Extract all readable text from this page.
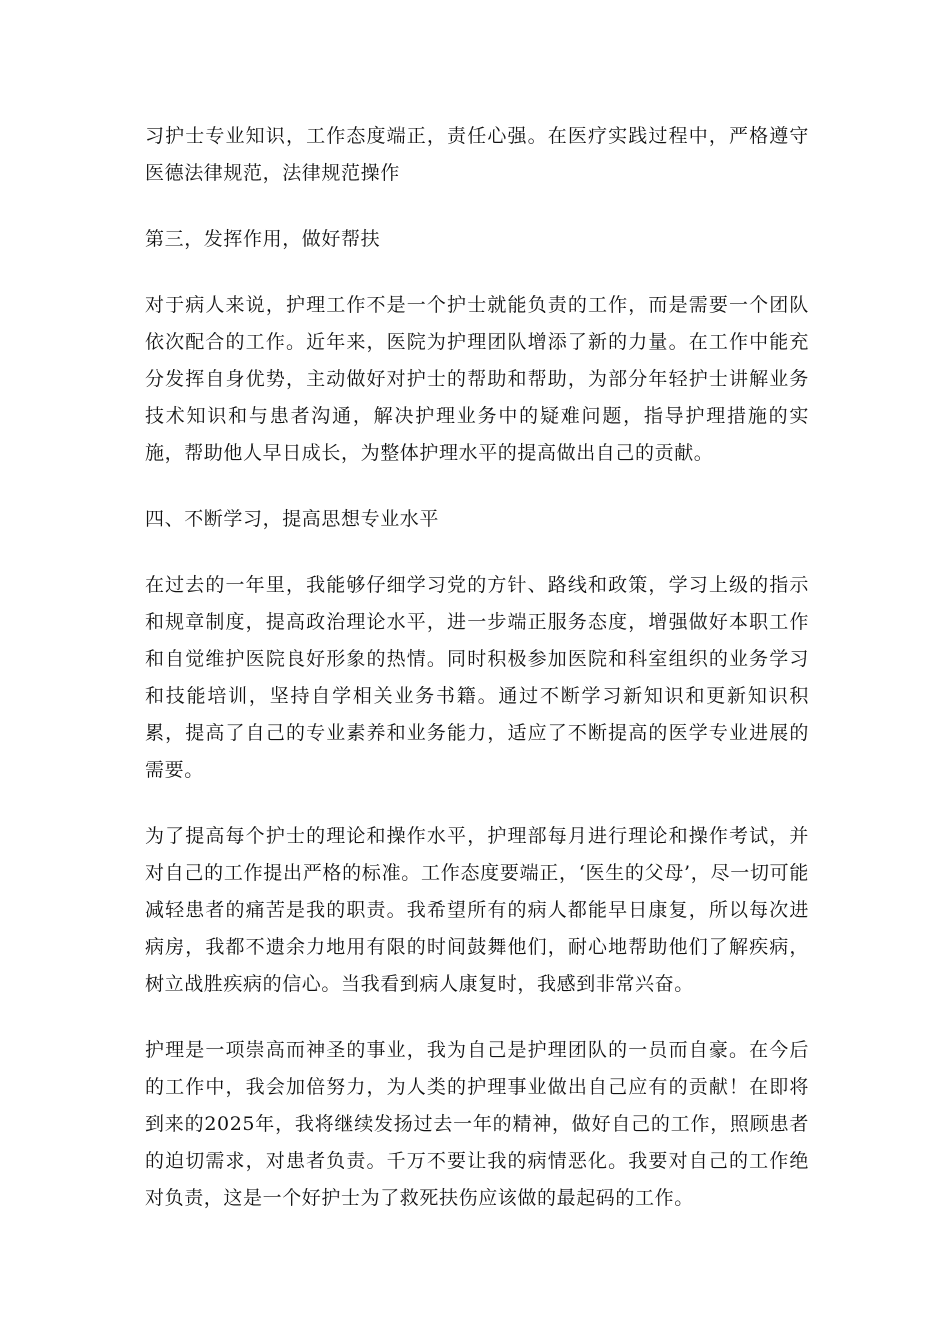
习护士专业知识，工作态度端正，责任心强。在医疗实践过程中，严格遵守医德法律规范，法律规范操作

第三，发挥作用，做好帮扶

对于病人来说，护理工作不是一个护士就能负责的工作，而是需要一个团队依次配合的工作。近年来，医院为护理团队增添了新的力量。在工作中能充分发挥自身优势，主动做好对护士的帮助和帮助，为部分年轻护士讲解业务技术知识和与患者沟通，解决护理业务中的疑难问题，指导护理措施的实施，帮助他人早日成长，为整体护理水平的提高做出自己的贡献。

四、不断学习，提高思想专业水平

在过去的一年里，我能够仔细学习党的方针、路线和政策，学习上级的指示和规章制度，提高政治理论水平，进一步端正服务态度，增强做好本职工作和自觉维护医院良好形象的热情。同时积极参加医院和科室组织的业务学习和技能培训，坚持自学相关业务书籍。通过不断学习新知识和更新知识积累，提高了自己的专业素养和业务能力，适应了不断提高的医学专业进展的需要。

为了提高每个护士的理论和操作水平，护理部每月进行理论和操作考试，并对自己的工作提出严格的标准。工作态度要端正，‘医生的父母’，尽一切可能减轻患者的痛苦是我的职责。我希望所有的病人都能早日康复，所以每次进病房，我都不遗余力地用有限的时间鼓舞他们，耐心地帮助他们了解疾病，树立战胜疾病的信心。当我看到病人康复时，我感到非常兴奋。

护理是一项崇高而神圣的事业，我为自己是护理团队的一员而自豪。在今后的工作中，我会加倍努力，为人类的护理事业做出自己应有的贡献！在即将到来的2025年，我将继续发扬过去一年的精神，做好自己的工作，照顾患者的迫切需求，对患者负责。千万不要让我的病情恶化。我要对自己的工作绝对负责，这是一个好护士为了救死扶伤应该做的最起码的工作。
